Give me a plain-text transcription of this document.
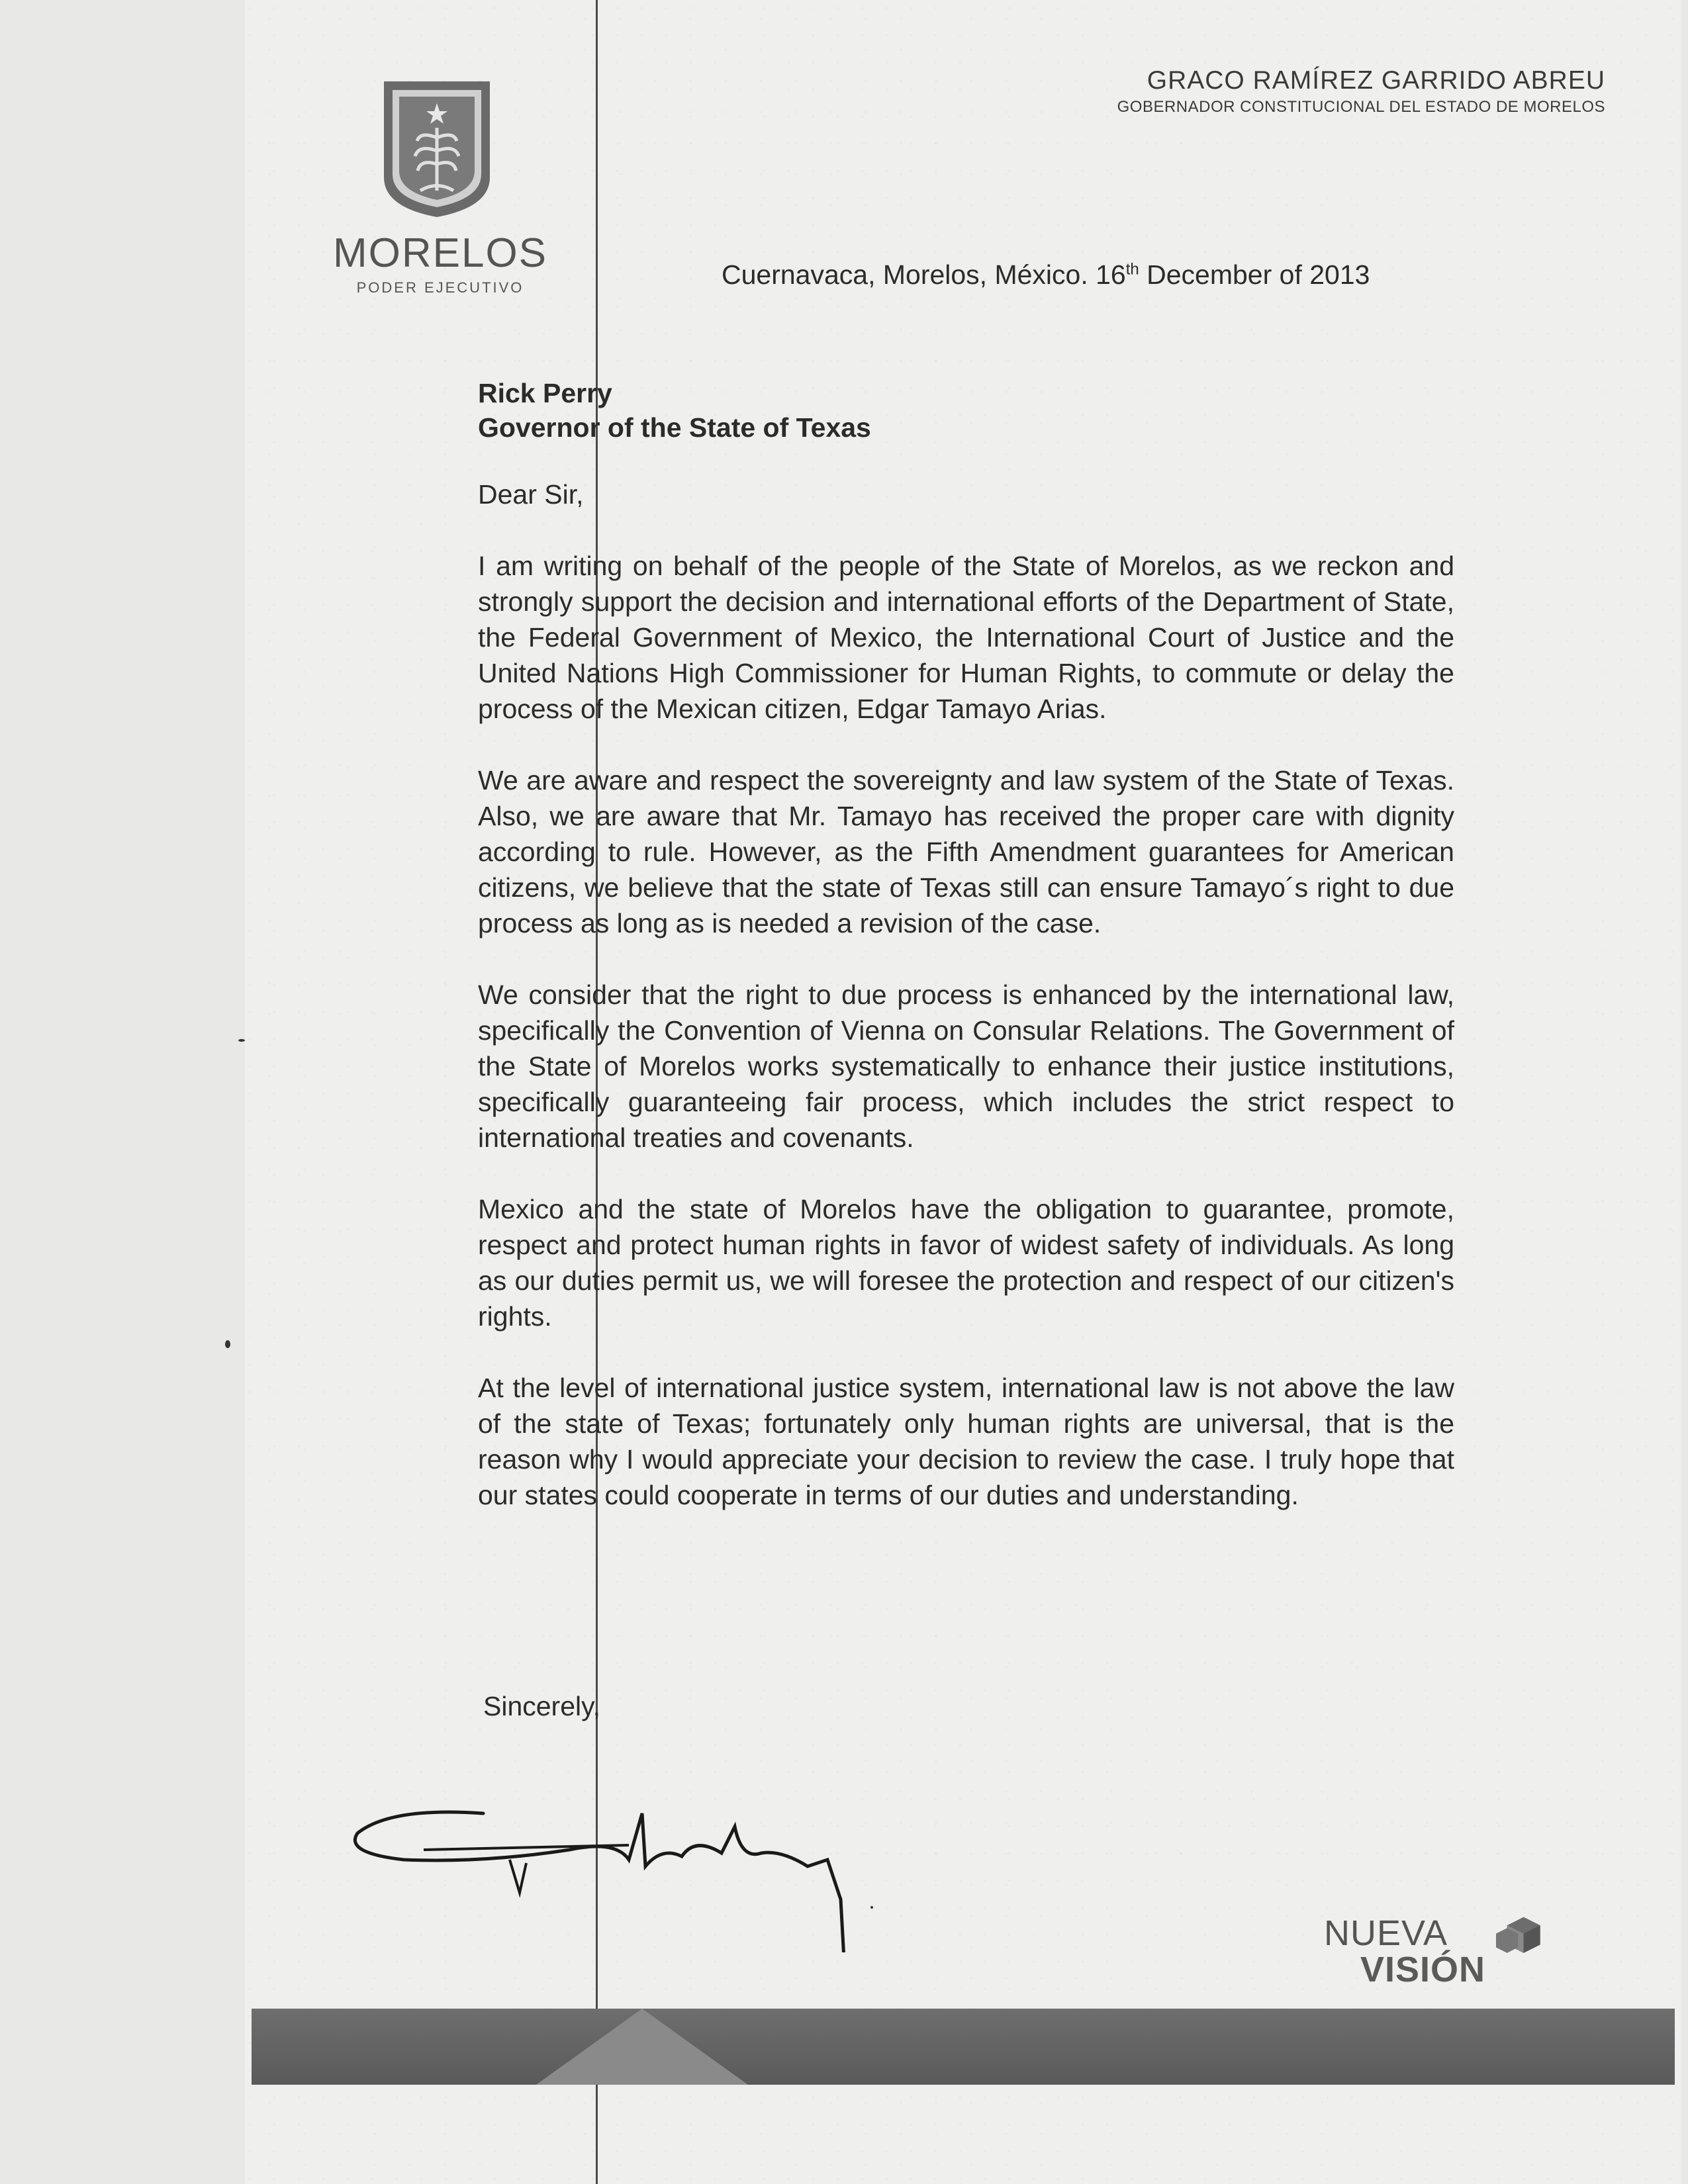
MORELOS
PODER EJECUTIVO
GRACO RAMÍREZ GARRIDO ABREU
GOBERNADOR CONSTITUCIONAL DEL ESTADO DE MORELOS
Cuernavaca, Morelos, México. 16th December of 2013
Rick Perry
Governor of the State of Texas

Dear Sir,

I am writing on behalf of the people of the State of Morelos, as we reckon and strongly support the decision and international efforts of the Department of State, the Federal Government of Mexico, the International Court of Justice and the United Nations High Commissioner for Human Rights, to commute or delay the process of the Mexican citizen, Edgar Tamayo Arias.

We are aware and respect the sovereignty and law system of the State of Texas. Also, we are aware that Mr. Tamayo has received the proper care with dignity according to rule. However, as the Fifth Amendment guarantees for American citizens, we believe that the state of Texas still can ensure Tamayo´s right to due process as long as is needed a revision of the case.

We consider that the right to due process is enhanced by the international law, specifically the Convention of Vienna on Consular Relations. The Government of the State of Morelos works systematically to enhance their justice institutions, specifically guaranteeing fair process, which includes the strict respect to international treaties and covenants.

Mexico and the state of Morelos have the obligation to guarantee, promote, respect and protect human rights in favor of widest safety of individuals. As long as our duties permit us, we will foresee the protection and respect of our citizen's rights.

At the level of international justice system, international law is not above the law of the state of Texas; fortunately only human rights are universal, that is the reason why I would appreciate your decision to review the case. I truly hope that our states could cooperate in terms of our duties and understanding.

Sincerely,
NUEVA
VISIÓN
